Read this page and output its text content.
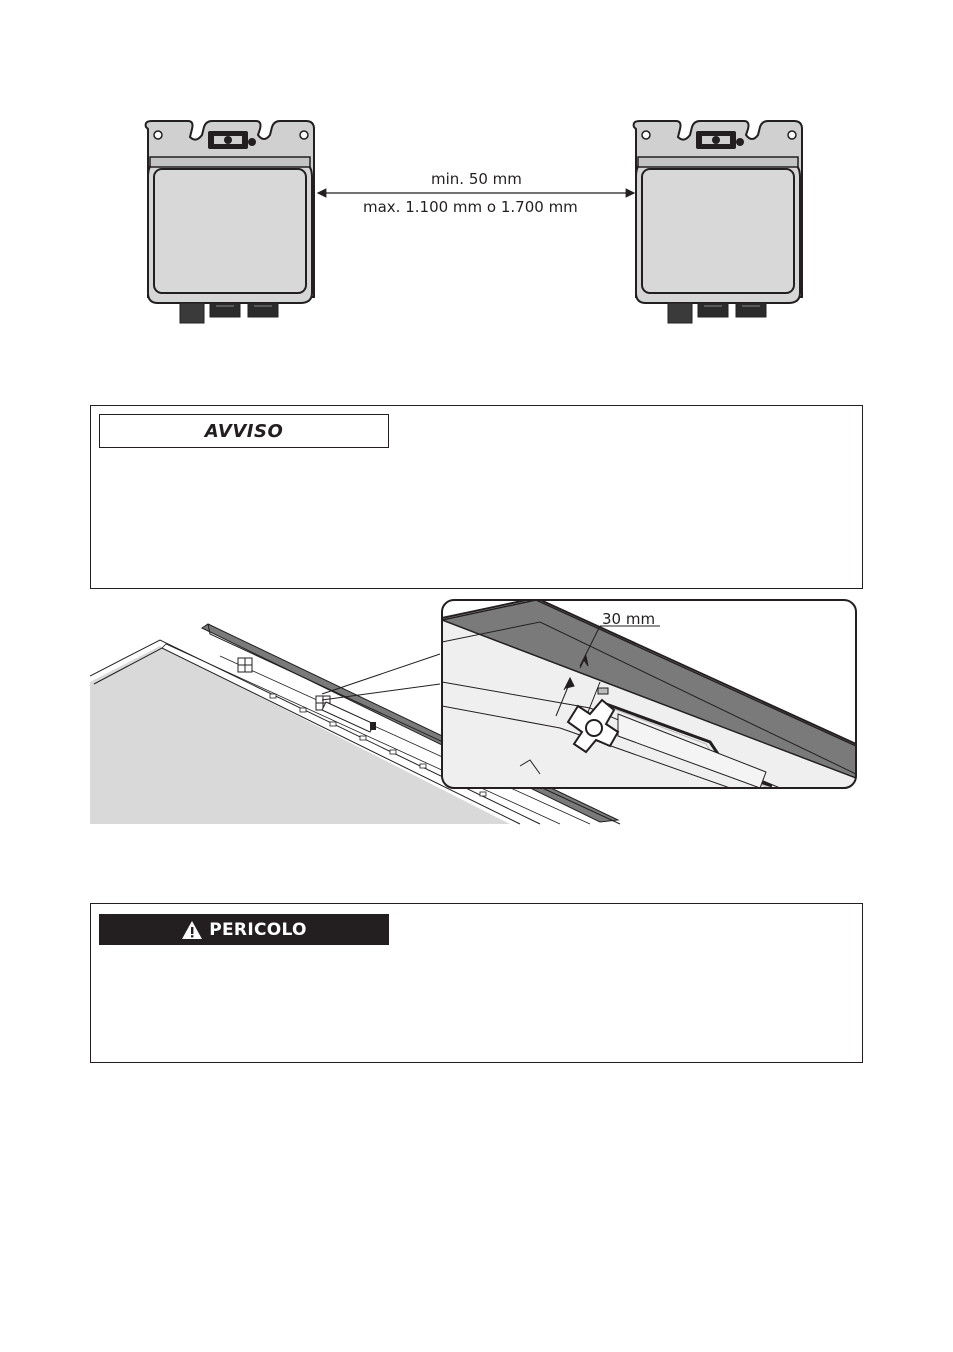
min. 50 mm
max. 1.100 mm o 1.700 mm
AVVISO
30 mm
PERICOLO
